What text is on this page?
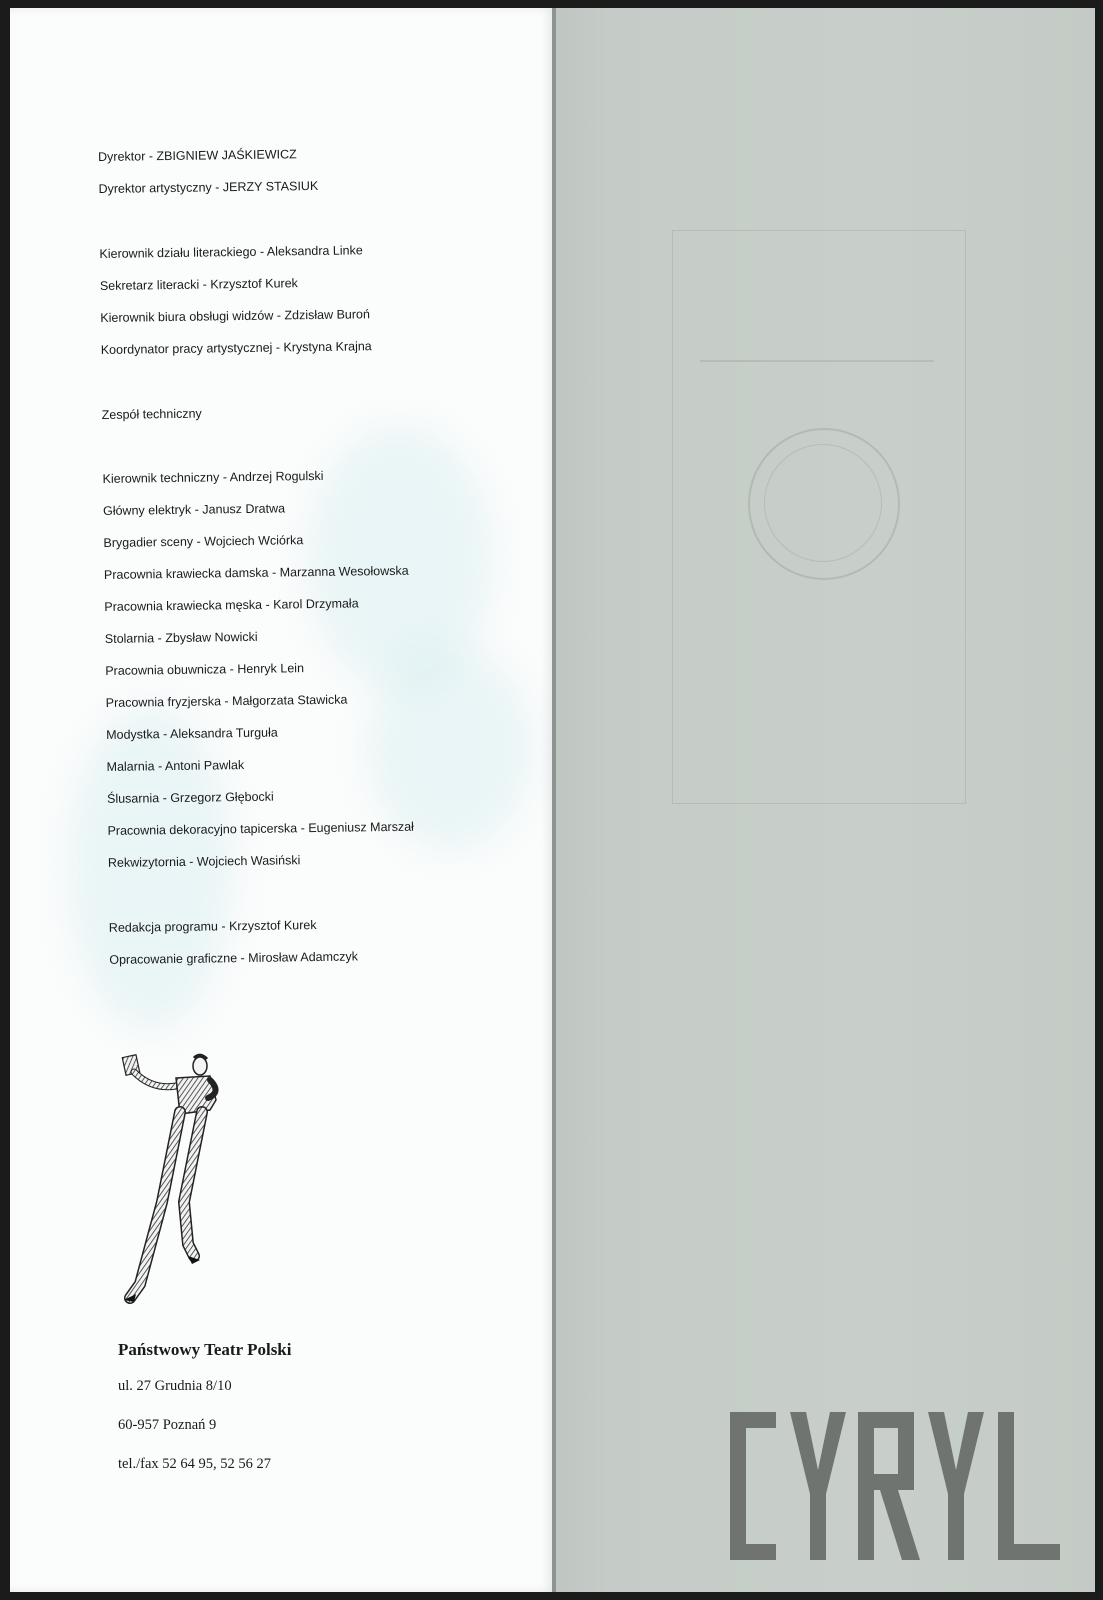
Dyrektor - ZBIGNIEW JAŚKIEWICZ
Dyrektor artystyczny - JERZY STASIUK
Kierownik działu literackiego - Aleksandra Linke
Sekretarz literacki - Krzysztof Kurek
Kierownik biura obsługi widzów - Zdzisław Buroń
Koordynator pracy artystycznej - Krystyna Krajna
Zespół techniczny
Kierownik techniczny - Andrzej Rogulski
Główny elektryk - Janusz Dratwa
Brygadier sceny - Wojciech Wciórka
Pracownia krawiecka damska - Marzanna Wesołowska
Pracownia krawiecka męska - Karol Drzymała
Stolarnia - Zbysław Nowicki
Pracownia obuwnicza - Henryk Lein
Pracownia fryzjerska - Małgorzata Stawicka
Modystka - Aleksandra Turguła
Malarnia - Antoni Pawlak
Ślusarnia - Grzegorz Głębocki
Pracownia dekoracyjno tapicerska - Eugeniusz Marszał
Rekwizytornia - Wojciech Wasiński
Redakcja programu - Krzysztof Kurek
Opracowanie graficzne - Mirosław Adamczyk
Państwowy Teatr Polski
ul. 27 Grudnia 8/10
60-957 Poznań 9
tel./fax 52 64 95, 52 56 27
